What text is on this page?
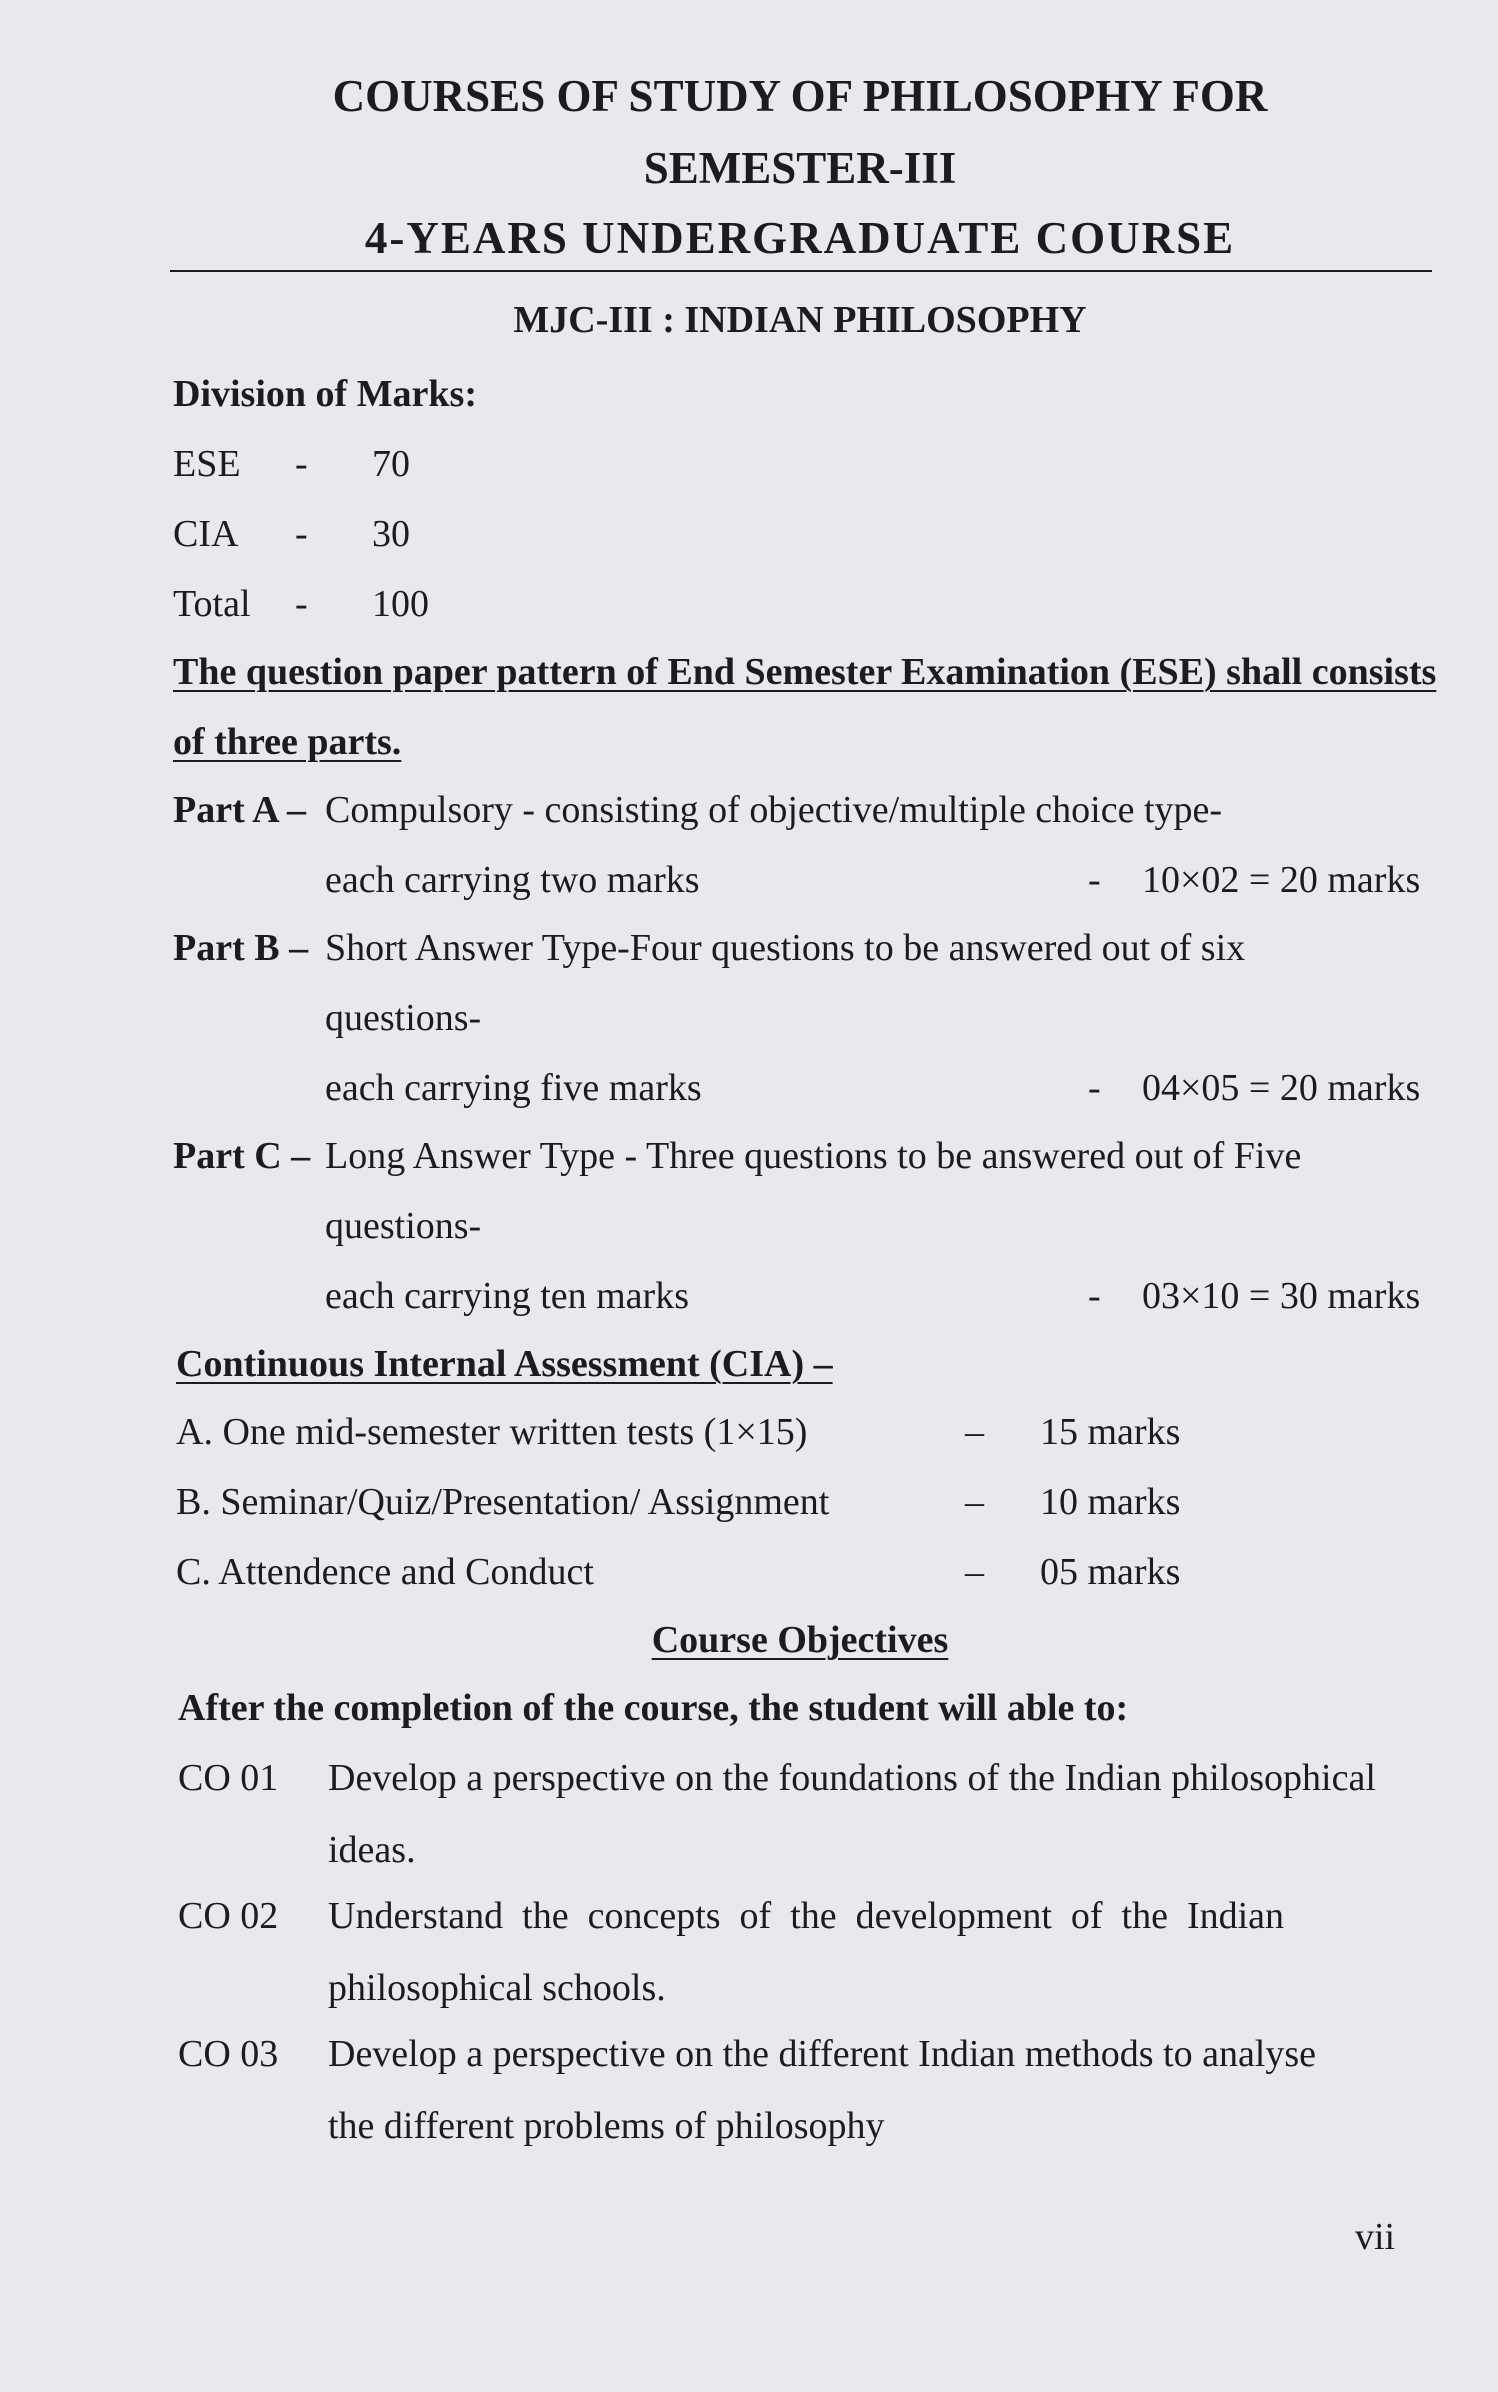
COURSES OF STUDY OF PHILOSOPHY FOR
SEMESTER-III
4-YEARS UNDERGRADUATE COURSE
MJC-III : INDIAN PHILOSOPHY
Division of Marks:
ESE - 70
CIA - 30
Total - 100
The question paper pattern of End Semester Examination (ESE) shall consists
of three parts.
Part A – Compulsory - consisting of objective/multiple choice type-
each carrying two marks	- 10×02 = 20 marks
Part B – Short Answer Type-Four questions to be answered out of six
questions-
each carrying five marks	- 04×05 = 20 marks
Part C – Long Answer Type - Three questions to be answered out of Five
questions-
each carrying ten marks	- 03×10 = 30 marks
Continuous Internal Assessment (CIA) –
A. One mid-semester written tests (1×15)	– 15 marks
B. Seminar/Quiz/Presentation/ Assignment	– 10 marks
C. Attendence and Conduct	– 05 marks
Course Objectives
After the completion of the course, the student will able to:
CO 01 Develop a perspective on the foundations of the Indian philosophical
ideas.
CO 02 Understand  the  concepts  of  the  development  of  the  Indian
philosophical schools.
CO 03 Develop a perspective on the different Indian methods to analyse
the different problems of philosophy
vii
